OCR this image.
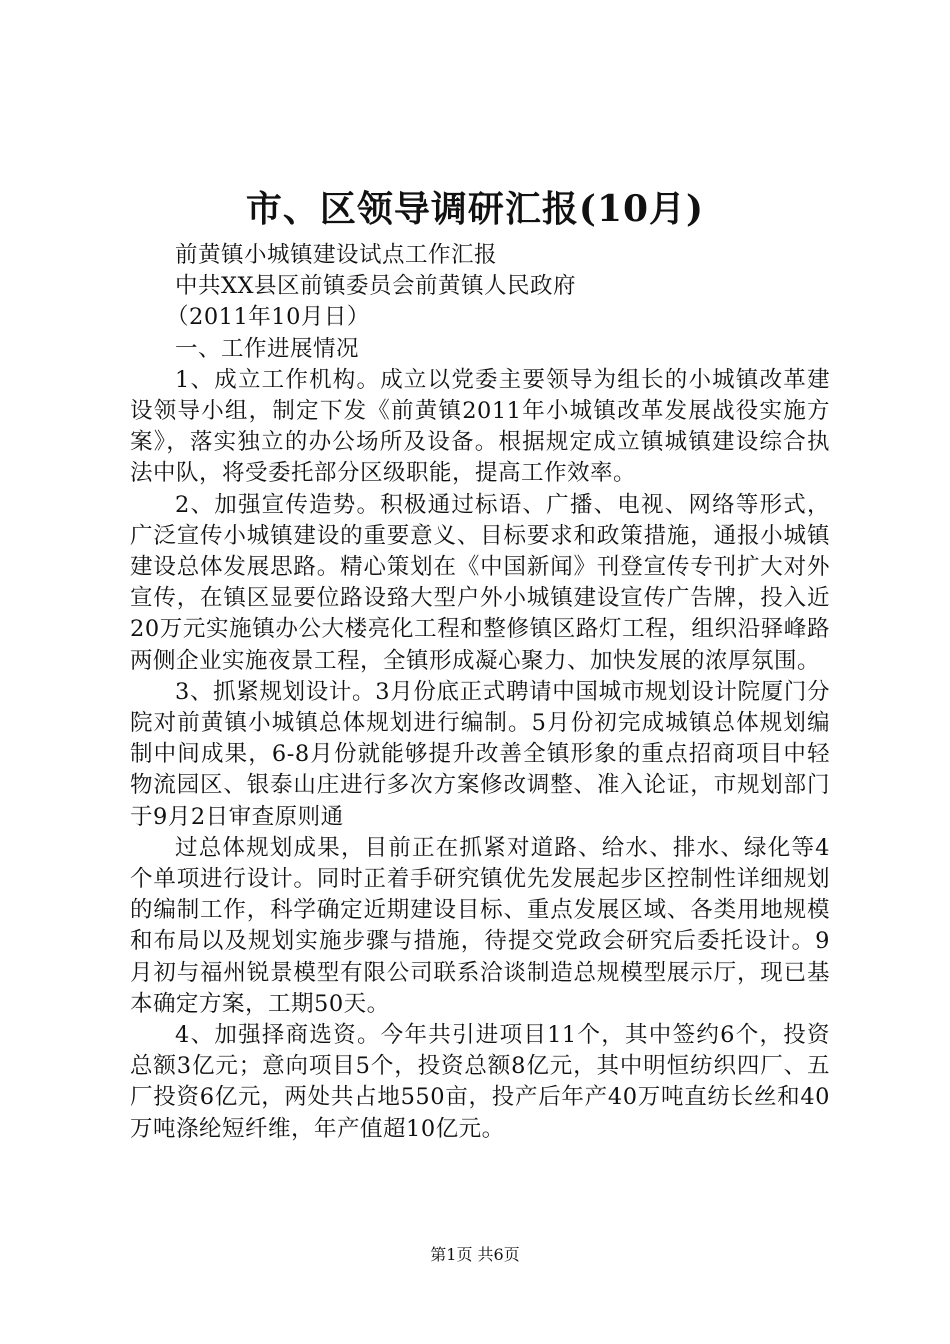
市、区领导调研汇报(10月)

前黄镇小城镇建设试点工作汇报

中共XX县区前镇委员会前黄镇人民政府

（2011年10月日）

一、工作进展情况

1、成立工作机构。成立以党委主要领导为组长的小城镇改革建设领导小组，制定下发《前黄镇2011年小城镇改革发展战役实施方案》，落实独立的办公场所及设备。根据规定成立镇城镇建设综合执法中队，将受委托部分区级职能，提高工作效率。

2、加强宣传造势。积极通过标语、广播、电视、网络等形式，广泛宣传小城镇建设的重要意义、目标要求和政策措施，通报小城镇建设总体发展思路。精心策划在《中国新闻》刊登宣传专刊扩大对外宣传，在镇区显要位路设臵大型户外小城镇建设宣传广告牌，投入近20万元实施镇办公大楼亮化工程和整修镇区路灯工程，组织沿驿峰路两侧企业实施夜景工程，全镇形成凝心聚力、加快发展的浓厚氛围。

3、抓紧规划设计。3月份底正式聘请中国城市规划设计院厦门分院对前黄镇小城镇总体规划进行编制。5月份初完成城镇总体规划编制中间成果，6-8月份就能够提升改善全镇形象的重点招商项目中轻物流园区、银泰山庄进行多次方案修改调整、准入论证，市规划部门于9月2日审查原则通

过总体规划成果，目前正在抓紧对道路、给水、排水、绿化等4个单项进行设计。同时正着手研究镇优先发展起步区控制性详细规划的编制工作，科学确定近期建设目标、重点发展区域、各类用地规模和布局以及规划实施步骤与措施，待提交党政会研究后委托设计。9月初与福州锐景模型有限公司联系洽谈制造总规模型展示厅，现已基本确定方案，工期50天。

4、加强择商选资。今年共引进项目11个，其中签约6个，投资总额3亿元；意向项目5个，投资总额8亿元，其中明恒纺织四厂、五厂投资6亿元，两处共占地550亩，投产后年产40万吨直纺长丝和40万吨涤纶短纤维，年产值超10亿元。

第1页 共6页
